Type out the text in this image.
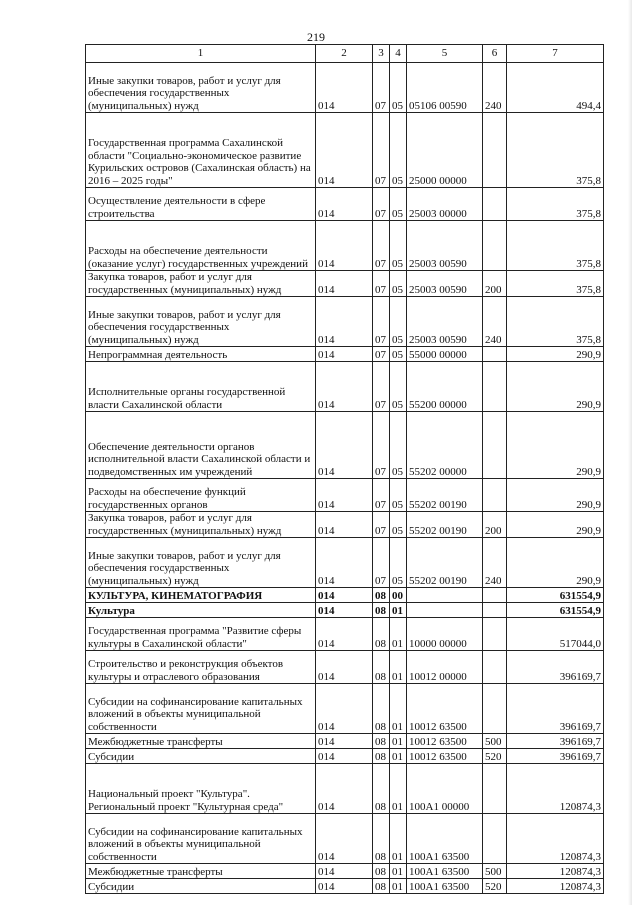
219
1	2	3	4	5	6	7
Иные закупки товаров, работ и услуг для обеспечения государственных (муниципальных) нужд	014	07	05	05106 00590	240	494,4
Государственная программа Сахалинской области "Социально-экономическое развитие Курильских островов (Сахалинская область) на 2016 – 2025 годы"	014	07	05	25000 00000		375,8
Осуществление деятельности в сфере строительства	014	07	05	25003 00000		375,8
Расходы на обеспечение деятельности (оказание услуг) государственных учреждений	014	07	05	25003 00590		375,8
Закупка товаров, работ и услуг для государственных (муниципальных) нужд	014	07	05	25003 00590	200	375,8
Иные закупки товаров, работ и услуг для обеспечения государственных (муниципальных) нужд	014	07	05	25003 00590	240	375,8
Непрограммная деятельность	014	07	05	55000 00000		290,9
Исполнительные органы государственной власти Сахалинской области	014	07	05	55200 00000		290,9
Обеспечение деятельности органов исполнительной власти Сахалинской области и подведомственных им учреждений	014	07	05	55202 00000		290,9
Расходы на обеспечение функций государственных органов	014	07	05	55202 00190		290,9
Закупка товаров, работ и услуг для государственных (муниципальных) нужд	014	07	05	55202 00190	200	290,9
Иные закупки товаров, работ и услуг для обеспечения государственных (муниципальных) нужд	014	07	05	55202 00190	240	290,9
КУЛЬТУРА, КИНЕМАТОГРАФИЯ	014	08	00			631554,9
Культура	014	08	01			631554,9
Государственная программа "Развитие сферы культуры в Сахалинской области"	014	08	01	10000 00000		517044,0
Строительство и реконструкция объектов культуры и отраслевого образования	014	08	01	10012 00000		396169,7
Субсидии на софинансирование капитальных вложений в объекты муниципальной собственности	014	08	01	10012 63500		396169,7
Межбюджетные трансферты	014	08	01	10012 63500	500	396169,7
Субсидии	014	08	01	10012 63500	520	396169,7
Национальный проект "Культура". Региональный проект "Культурная среда"	014	08	01	100А1 00000		120874,3
Субсидии на софинансирование капитальных вложений в объекты муниципальной собственности	014	08	01	100А1 63500		120874,3
Межбюджетные трансферты	014	08	01	100А1 63500	500	120874,3
Субсидии	014	08	01	100А1 63500	520	120874,3
